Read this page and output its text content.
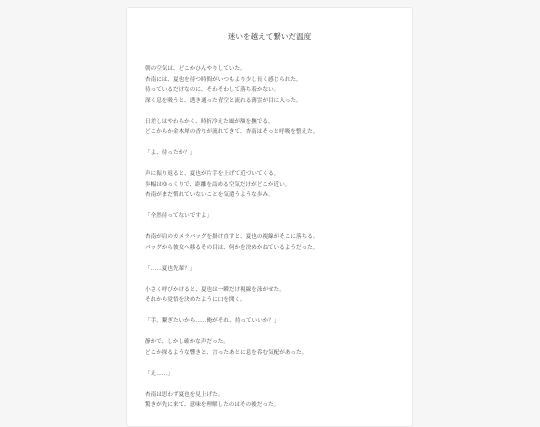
迷いを越えて繋いだ温度

朝の空気は、どこかひんやりしていた。
杏南には、夏也を待つ時間がいつもより少し長く感じられた。
待っているだけなのに、そわそわして落ち着かない。
深く息を吸うと、透き通った青空と流れる薄雲が目に入った。

日差しはやわらかく、時折冷えた風が額を撫でる。
どこからか金木犀の香りが流れてきて、杏南はそっと呼吸を整えた。

「よ、待ったか？」

声に振り返ると、夏也が片手を上げて近づいてくる。
歩幅はゆっくりで、距離を詰める空気だけがどこか近い。
杏南がまだ慣れていないことを気遣うような歩み。

「全然待ってないですよ」

杏南が肩のカメラバッグを掛け直すと、夏也の視線がそこに落ちる。
バッグから彼女へ移るその目は、何かを決めかねているようだった。

「……夏也先輩？」

小さく呼びかけると、夏也は一瞬だけ視線を泳がせた。
それから覚悟を決めたように口を開く。

「手、繋ぎたいから……俺がそれ、持っていいか？」

静かで、しかし確かな声だった。
どこか探るような響きと、言ったあとに息を呑む気配があった。

「え……」

杏南は思わず夏也を見上げた。
驚きが先に来て、意味を理解したのはその後だった。
